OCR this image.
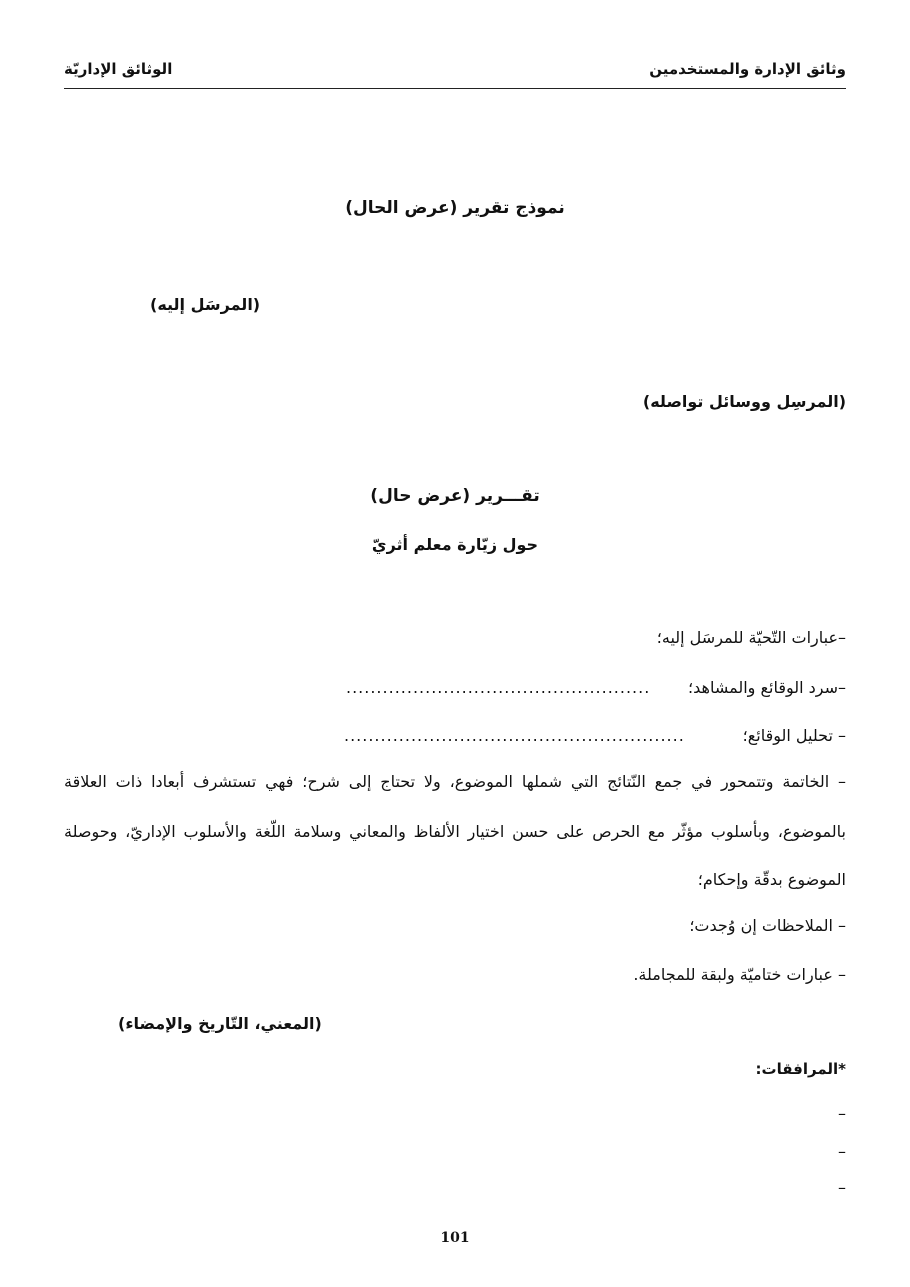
وثائق الإدارة والمستخدمين
الوثائق الإداريّة
نموذج تقرير (عرض الحال)
(المرسَل إليه)
(المرسِل ووسائل تواصله)
تقـــرير (عرض حال)
حول زيّارة معلم أثريّ
–عبارات التّحيّة للمرسَل إليه؛
–سرد الوقائع والمشاهد؛
..................................................
– تحليل الوقائع؛
........................................................
– الخاتمة وتتمحور في جمع النّتائج التي شملها الموضوع، ولا تحتاج إلى شرح؛ فهي تستشرف أبعادا ذات العلاقة
بالموضوع، وبأسلوب مؤثّر مع الحرص على حسن اختيار الألفاظ والمعاني وسلامة اللّغة والأسلوب الإداريّ، وحوصلة
الموضوع بدقّة وإحكام؛
– الملاحظات إن وُجدت؛
– عبارات ختاميّة ولبقة للمجاملة.
(المعني، التّاريخ والإمضاء)
*المرافقات:
–
–
–
101
